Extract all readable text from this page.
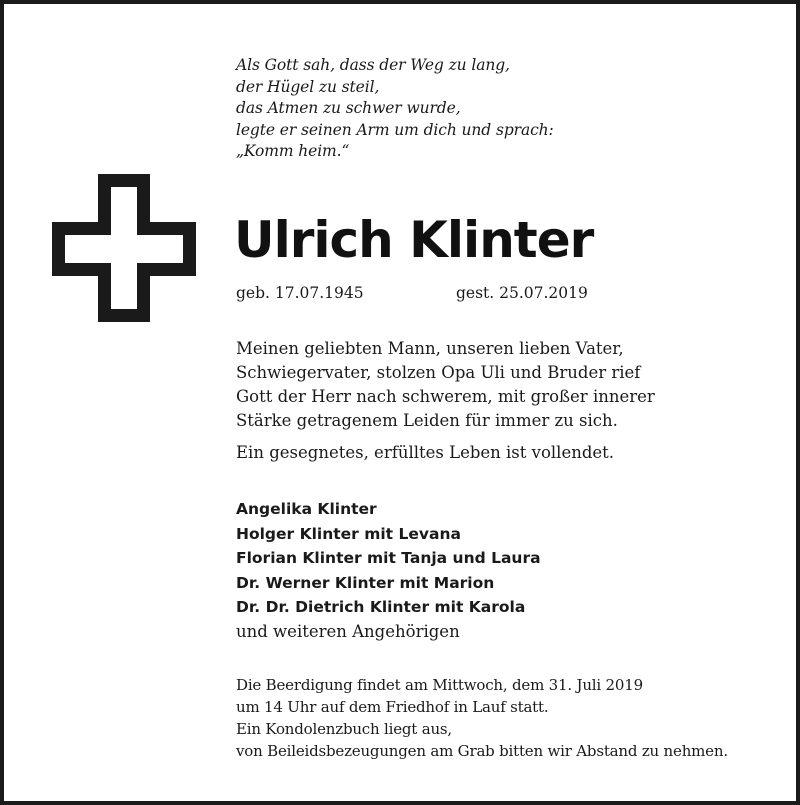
Als Gott sah, dass der Weg zu lang,
der Hügel zu steil,
das Atmen zu schwer wurde,
legte er seinen Arm um dich und sprach:
„Komm heim.“
Ulrich Klinter
geb. 17.07.1945	gest. 25.07.2019
Meinen geliebten Mann, unseren lieben Vater,
Schwiegervater, stolzen Opa Uli und Bruder rief
Gott der Herr nach schwerem, mit großer innerer
Stärke getragenem Leiden für immer zu sich.
Ein gesegnetes, erfülltes Leben ist vollendet.
Angelika Klinter
Holger Klinter mit Levana
Florian Klinter mit Tanja und Laura
Dr. Werner Klinter mit Marion
Dr. Dr. Dietrich Klinter mit Karola
und weiteren Angehörigen
Die Beerdigung findet am Mittwoch, dem 31. Juli 2019
um 14 Uhr auf dem Friedhof in Lauf statt.
Ein Kondolenzbuch liegt aus,
von Beileidsbezeugungen am Grab bitten wir Abstand zu nehmen.
